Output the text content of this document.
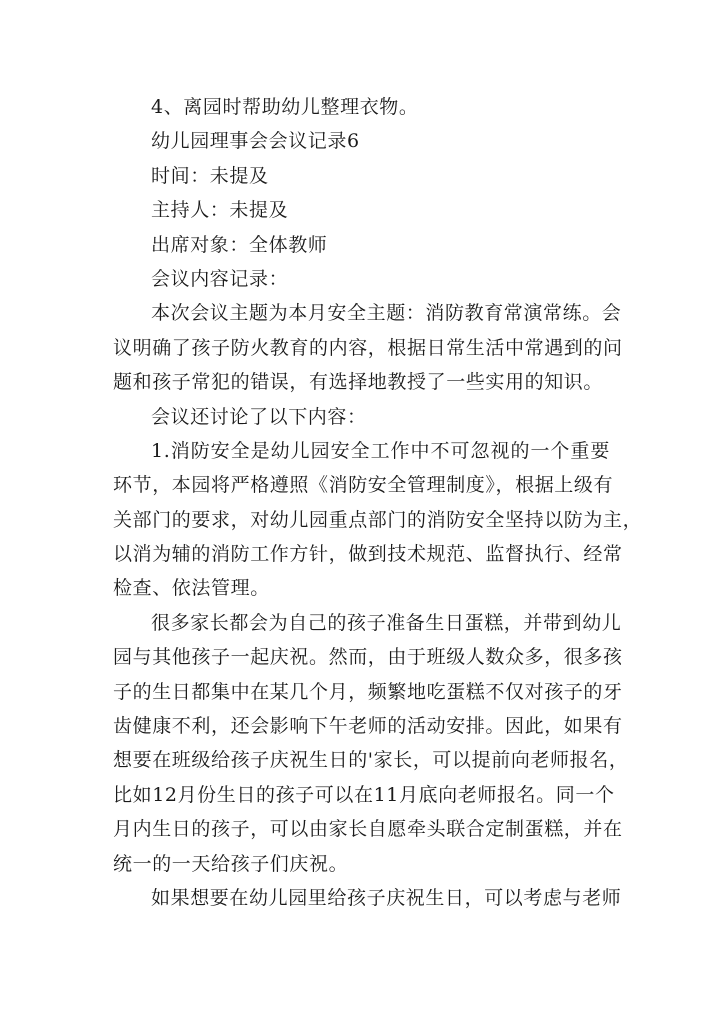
4、离园时帮助幼儿整理衣物。
幼儿园理事会会议记录6
时间：未提及
主持人：未提及
出席对象：全体教师
会议内容记录：
本次会议主题为本月安全主题：消防教育常演常练。会
议明确了孩子防火教育的内容，根据日常生活中常遇到的问
题和孩子常犯的错误，有选择地教授了一些实用的知识。
会议还讨论了以下内容：
1.消防安全是幼儿园安全工作中不可忽视的一个重要
环节，本园将严格遵照《消防安全管理制度》，根据上级有
关部门的要求，对幼儿园重点部门的消防安全坚持以防为主，
以消为辅的消防工作方针，做到技术规范、监督执行、经常
检查、依法管理。
很多家长都会为自己的孩子准备生日蛋糕，并带到幼儿
园与其他孩子一起庆祝。然而，由于班级人数众多，很多孩
子的生日都集中在某几个月，频繁地吃蛋糕不仅对孩子的牙
齿健康不利，还会影响下午老师的活动安排。因此，如果有
想要在班级给孩子庆祝生日的'家长，可以提前向老师报名，
比如12月份生日的孩子可以在11月底向老师报名。同一个
月内生日的孩子，可以由家长自愿牵头联合定制蛋糕，并在
统一的一天给孩子们庆祝。
如果想要在幼儿园里给孩子庆祝生日，可以考虑与老师
